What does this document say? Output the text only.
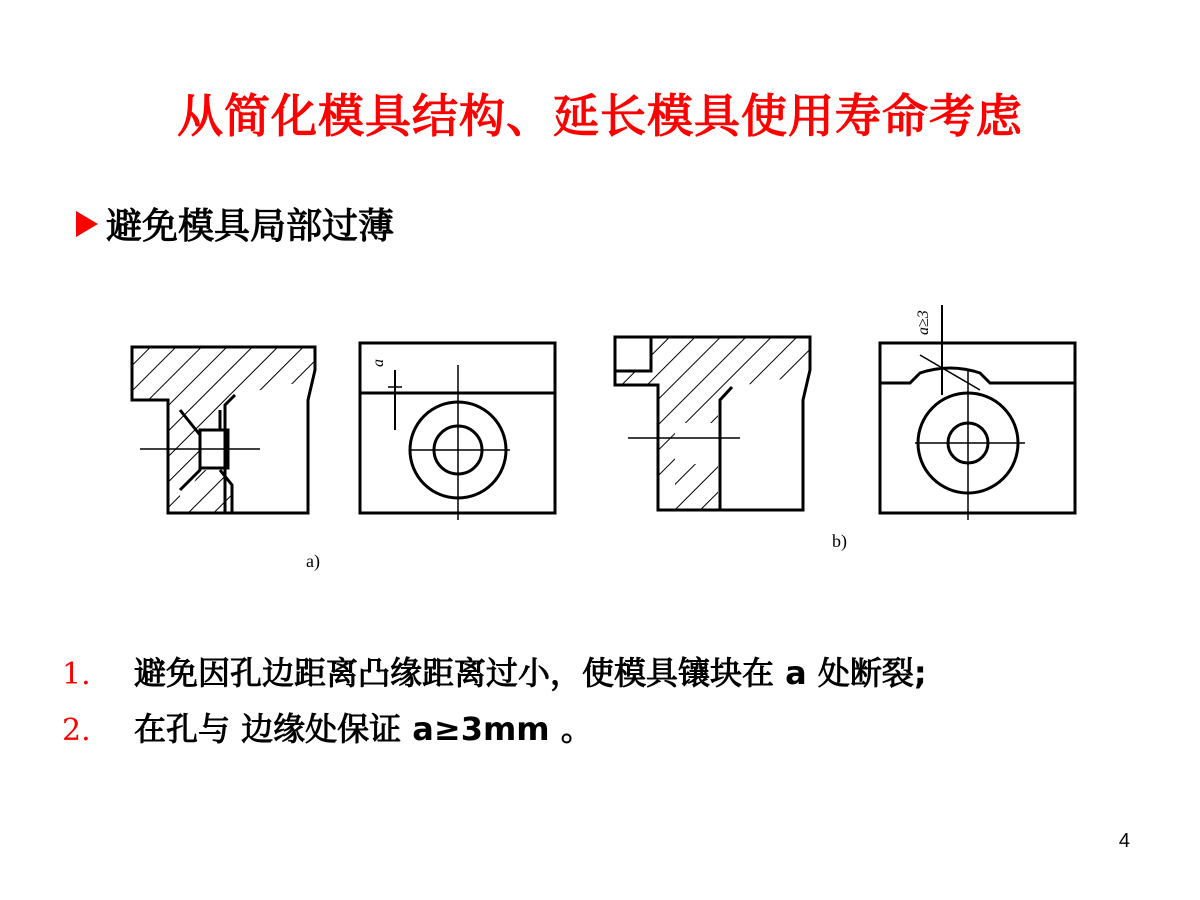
从简化模具结构、延长模具使用寿命考虑
避免模具局部过薄
a
a≥3
a)
b)
1.	避免因孔边距离凸缘距离过小，使模具镶块在 a 处断裂;
2.	在孔与 边缘处保证 a≥3mm 。
4
